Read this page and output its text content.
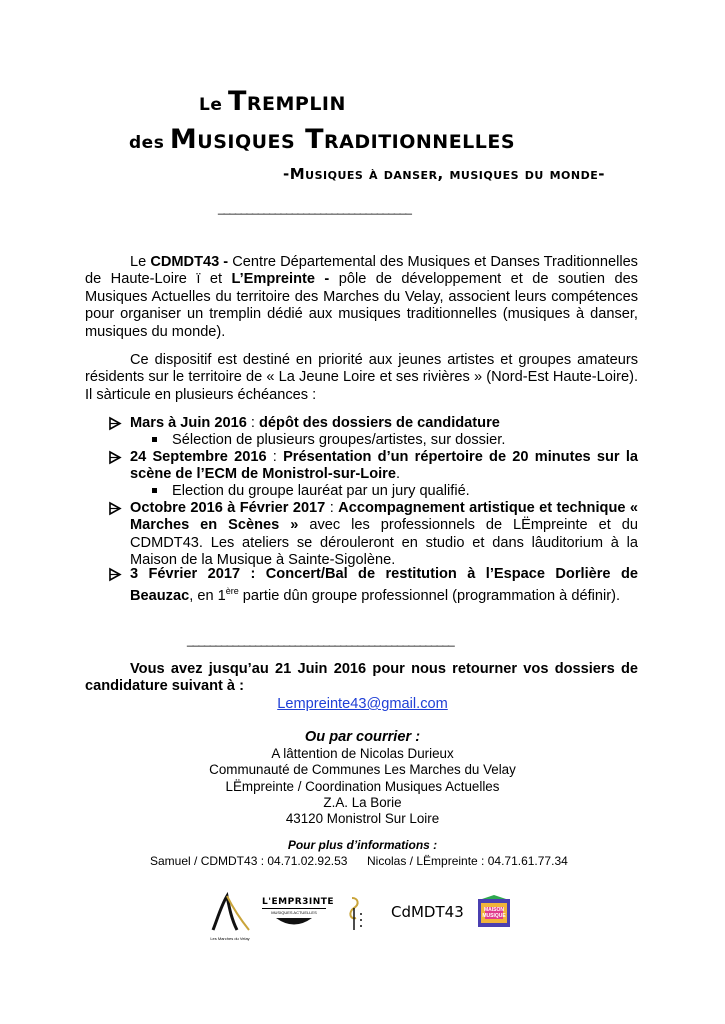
Le Tremplin
des Musiques Traditionnelles
-Musiques à danser, musiques du monde-
__________________________________
Le CDMDT43 - Centre Départemental des Musiques et Danses Traditionnelles de Haute-Loire ï et L’Empreinte - pôle de développement et de soutien des Musiques Actuelles du territoire des Marches du Velay, associent leurs compétences pour organiser un tremplin dédié aux musiques traditionnelles (musiques à danser, musiques du monde).
Ce dispositif est destiné en priorité aux jeunes artistes et groupes amateurs résidents sur le territoire de « La Jeune Loire et ses rivières » (Nord-Est Haute-Loire). Il sàrticule en plusieurs échéances :
Mars à Juin 2016 : dépôt des dossiers de candidature
Sélection de plusieurs groupes/artistes, sur dossier.
24 Septembre 2016 : Présentation d’un répertoire de 20 minutes sur la scène de l’ECM de Monistrol-sur-Loire.
Election du groupe lauréat par un jury qualifié.
Octobre 2016 à Février 2017 : Accompagnement artistique et technique « Marches en Scènes » avec les professionnels de LËmpreinte et du CDMDT43. Les ateliers se dérouleront en studio et dans lâuditorium à la Maison de la Musique à Sainte-Sigolène.
3 Février 2017 : Concert/Bal de restitution à l’Espace Dorlière de Beauzac, en 1ère partie dûn groupe professionnel (programmation à définir).
_______________________________________________
Vous avez jusqu’au 21 Juin 2016 pour nous retourner vos dossiers de candidature suivant à :
Lempreinte43@gmail.com
Ou par courrier :
A lâttention de Nicolas Durieux
Communauté de Communes Les Marches du Velay
LËmpreinte / Coordination Musiques Actuelles
Z.A. La Borie
43120 Monistrol Sur Loire
Pour plus d’informations :
Samuel / CDMDT43 : 04.71.02.92.53 Nicolas / LËmpreinte : 04.71.61.77.34
Les Marches du Velay
L'EMPR3INTE
MUSIQUES ACTUELLES	CdMDT43	MAISON MUSIQUE
